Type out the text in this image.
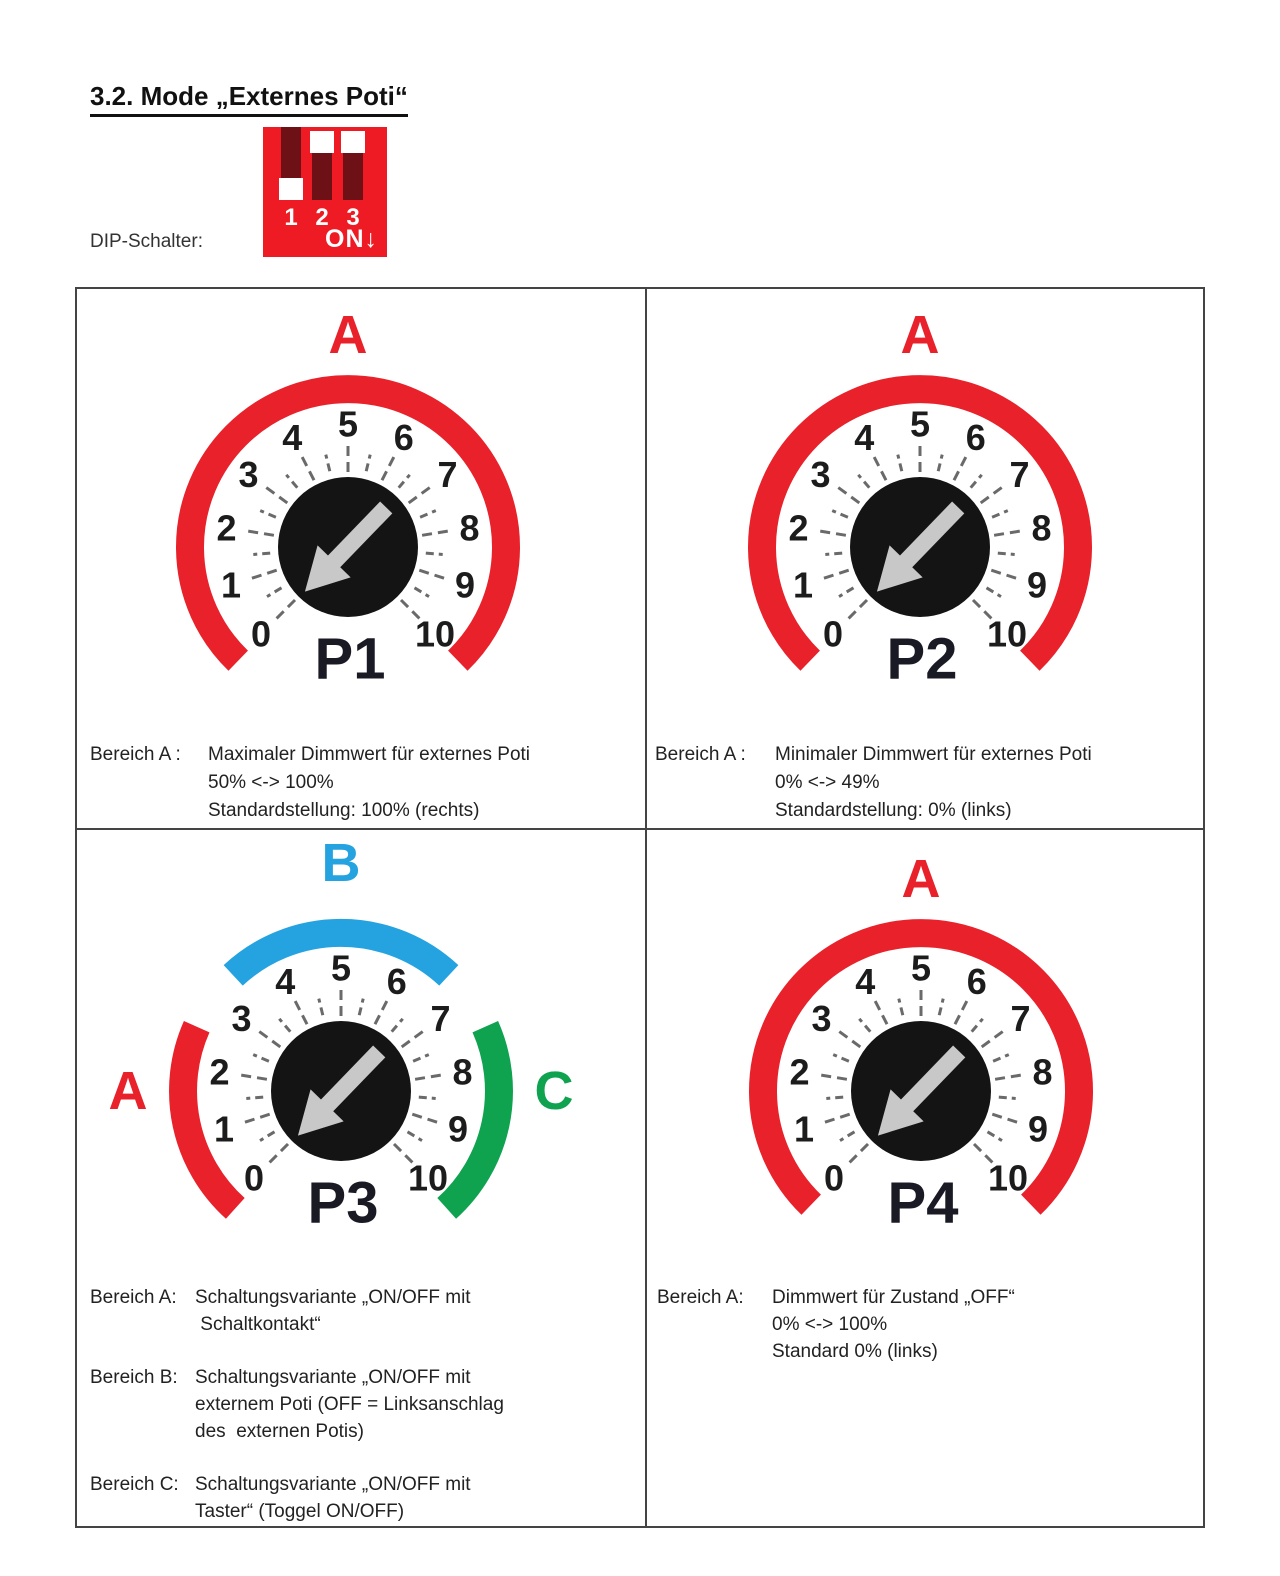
3.2. Mode „Externes Poti“
DIP-Schalter:
1 2 3
ON↓
A
0
1
2
3
4 5 6
7
8
9
10
P1
A
0
1
2
3
4 5 6
7
8
9
10
P2
B
A	C
0
1
2
3
4 5 6
7
8
9
10
P3
A
0
1
2
3
4 5 6
7
8
9
10
P4
Bereich A :	Maximaler Dimmwert für externes Poti
50% <-> 100%
Standardstellung: 100% (rechts)
Bereich A :	Minimaler Dimmwert für externes Poti
0% <-> 49%
Standardstellung: 0% (links)
Bereich A: Schaltungsvariante „ON/OFF mit
Schaltkontakt“
Bereich B: Schaltungsvariante „ON/OFF mit
externem Poti (OFF = Linksanschlag
des  externen Potis)
Bereich C: Schaltungsvariante „ON/OFF mit
Taster“ (Toggel ON/OFF)
Bereich A:	Dimmwert für Zustand „OFF“
0% <-> 100%
Standard 0% (links)
